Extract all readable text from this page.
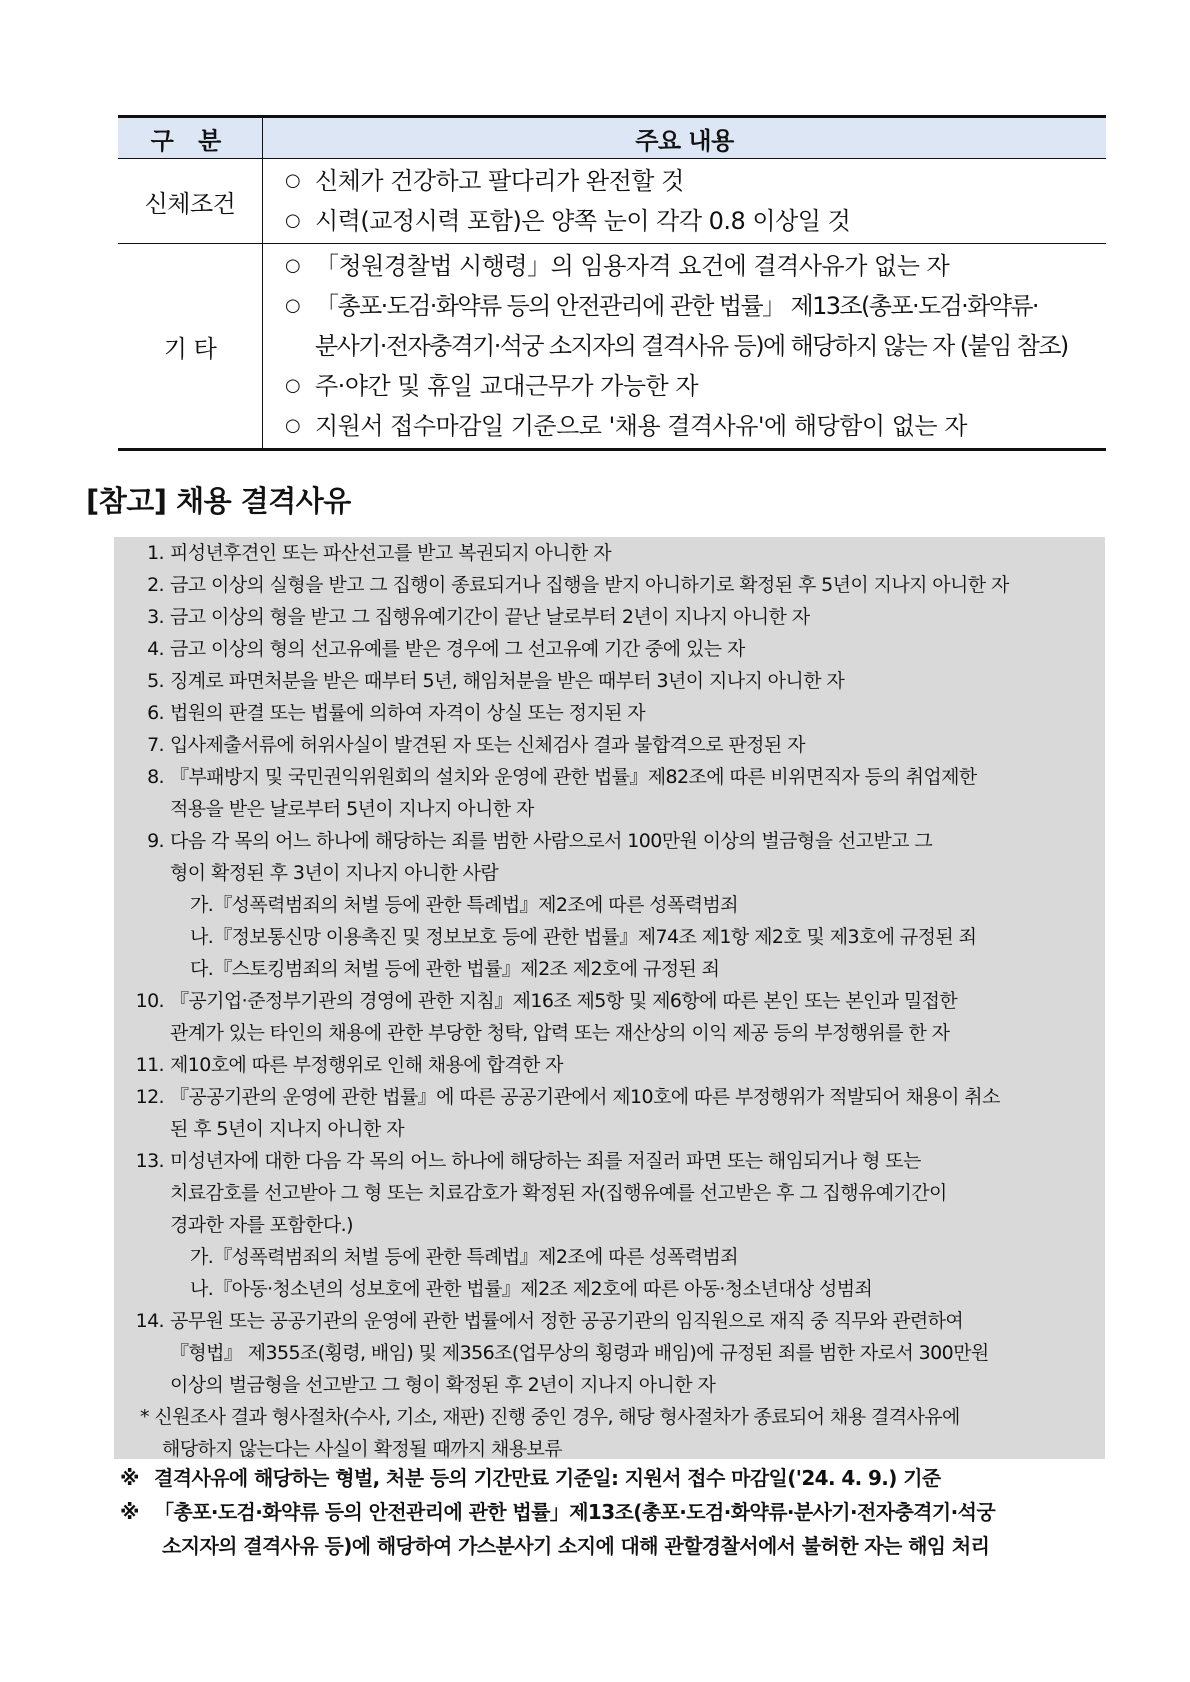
구 분	주요 내용
신체조건	○ 신체가 건강하고 팔다리가 완전할 것
○ 시력(교정시력 포함)은 양쪽 눈이 각각 0.8 이상일 것

기 타	○ 「청원경찰법 시행령」의 임용자격 요건에 결격사유가 없는 자
○ 「총포·도검·화약류 등의 안전관리에 관한 법률」 제13조(총포·도검·화약류·
분사기·전자충격기·석궁 소지자의 결격사유 등)에 해당하지 않는 자 (붙임 참조)
○ 주·야간 및 휴일 교대근무가 가능한 자
○ 지원서 접수마감일 기준으로 '채용 결격사유'에 해당함이 없는 자
[참고] 채용 결격사유
1. 피성년후견인 또는 파산선고를 받고 복권되지 아니한 자
2. 금고 이상의 실형을 받고 그 집행이 종료되거나 집행을 받지 아니하기로 확정된 후 5년이 지나지 아니한 자
3. 금고 이상의 형을 받고 그 집행유예기간이 끝난 날로부터 2년이 지나지 아니한 자
4. 금고 이상의 형의 선고유예를 받은 경우에 그 선고유예 기간 중에 있는 자
5. 징계로 파면처분을 받은 때부터 5년, 해임처분을 받은 때부터 3년이 지나지 아니한 자
6. 법원의 판결 또는 법률에 의하여 자격이 상실 또는 정지된 자
7. 입사제출서류에 허위사실이 발견된 자 또는 신체검사 결과 불합격으로 판정된 자
8. 『부패방지 및 국민권익위원회의 설치와 운영에 관한 법률』제82조에 따른 비위면직자 등의 취업제한
적용을 받은 날로부터 5년이 지나지 아니한 자
9. 다음 각 목의 어느 하나에 해당하는 죄를 범한 사람으로서 100만원 이상의 벌금형을 선고받고 그
형이 확정된 후 3년이 지나지 아니한 사람
가.『성폭력범죄의 처벌 등에 관한 특례법』제2조에 따른 성폭력범죄
나.『정보통신망 이용촉진 및 정보보호 등에 관한 법률』제74조 제1항 제2호 및 제3호에 규정된 죄
다.『스토킹범죄의 처벌 등에 관한 법률』제2조 제2호에 규정된 죄
10. 『공기업·준정부기관의 경영에 관한 지침』제16조 제5항 및 제6항에 따른 본인 또는 본인과 밀접한
관계가 있는 타인의 채용에 관한 부당한 청탁, 압력 또는 재산상의 이익 제공 등의 부정행위를 한 자
11. 제10호에 따른 부정행위로 인해 채용에 합격한 자
12. 『공공기관의 운영에 관한 법률』에 따른 공공기관에서 제10호에 따른 부정행위가 적발되어 채용이 취소
된 후 5년이 지나지 아니한 자
13. 미성년자에 대한 다음 각 목의 어느 하나에 해당하는 죄를 저질러 파면 또는 해임되거나 형 또는
치료감호를 선고받아 그 형 또는 치료감호가 확정된 자(집행유예를 선고받은 후 그 집행유예기간이
경과한 자를 포함한다.)
가.『성폭력범죄의 처벌 등에 관한 특례법』제2조에 따른 성폭력범죄
나.『아동·청소년의 성보호에 관한 법률』제2조 제2호에 따른 아동·청소년대상 성범죄
14. 공무원 또는 공공기관의 운영에 관한 법률에서 정한 공공기관의 임직원으로 재직 중 직무와 관련하여
『형법』 제355조(횡령, 배임) 및 제356조(업무상의 횡령과 배임)에 규정된 죄를 범한 자로서 300만원
이상의 벌금형을 선고받고 그 형이 확정된 후 2년이 지나지 아니한 자
* 신원조사 결과 형사절차(수사, 기소, 재판) 진행 중인 경우, 해당 형사절차가 종료되어 채용 결격사유에
해당하지 않는다는 사실이 확정될 때까지 채용보류
※ 결격사유에 해당하는 형벌, 처분 등의 기간만료 기준일: 지원서 접수 마감일('24. 4. 9.) 기준
※ 「총포·도검·화약류 등의 안전관리에 관한 법률」제13조(총포·도검·화약류·분사기·전자충격기·석궁
소지자의 결격사유 등)에 해당하여 가스분사기 소지에 대해 관할경찰서에서 불허한 자는 해임 처리
